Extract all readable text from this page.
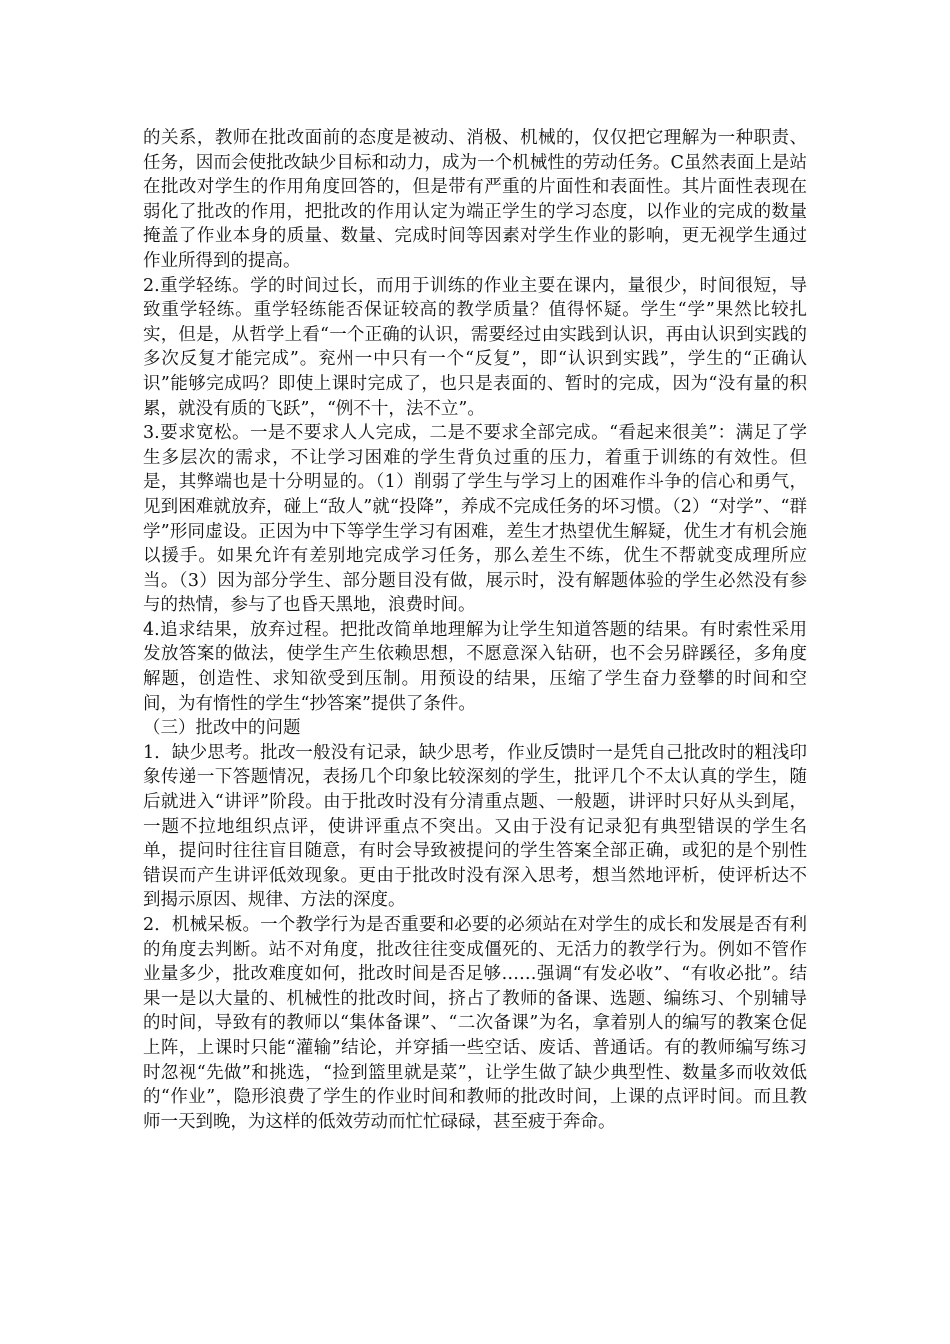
的关系，教师在批改面前的态度是被动、消极、机械的，仅仅把它理解为一种职责、任务，因而会使批改缺少目标和动力，成为一个机械性的劳动任务。C虽然表面上是站在批改对学生的作用角度回答的，但是带有严重的片面性和表面性。其片面性表现在弱化了批改的作用，把批改的作用认定为端正学生的学习态度，以作业的完成的数量掩盖了作业本身的质量、数量、完成时间等因素对学生作业的影响，更无视学生通过作业所得到的提高。

2.重学轻练。学的时间过长，而用于训练的作业主要在课内，量很少，时间很短，导致重学轻练。重学轻练能否保证较高的教学质量？值得怀疑。学生“学”果然比较扎实，但是，从哲学上看“一个正确的认识，需要经过由实践到认识，再由认识到实践的多次反复才能完成”。兖州一中只有一个“反复”，即“认识到实践”，学生的“正确认识”能够完成吗？即使上课时完成了，也只是表面的、暂时的完成，因为“没有量的积累，就没有质的飞跃”，“例不十，法不立”。

3.要求宽松。一是不要求人人完成，二是不要求全部完成。“看起来很美”：满足了学生多层次的需求，不让学习困难的学生背负过重的压力，着重于训练的有效性。但是，其弊端也是十分明显的。（1）削弱了学生与学习上的困难作斗争的信心和勇气，见到困难就放弃，碰上“敌人”就“投降”，养成不完成任务的坏习惯。（2）“对学”、“群学”形同虚设。正因为中下等学生学习有困难，差生才热望优生解疑，优生才有机会施以援手。如果允许有差别地完成学习任务，那么差生不练，优生不帮就变成理所应当。（3）因为部分学生、部分题目没有做，展示时，没有解题体验的学生必然没有参与的热情，参与了也昏天黑地，浪费时间。

4.追求结果，放弃过程。把批改简单地理解为让学生知道答题的结果。有时索性采用发放答案的做法，使学生产生依赖思想，不愿意深入钻研，也不会另辟蹊径，多角度解题，创造性、求知欲受到压制。用预设的结果，压缩了学生奋力登攀的时间和空间，为有惰性的学生“抄答案”提供了条件。

（三）批改中的问题

1．缺少思考。批改一般没有记录，缺少思考，作业反馈时一是凭自己批改时的粗浅印象传递一下答题情况，表扬几个印象比较深刻的学生，批评几个不太认真的学生，随后就进入“讲评”阶段。由于批改时没有分清重点题、一般题，讲评时只好从头到尾，一题不拉地组织点评，使讲评重点不突出。又由于没有记录犯有典型错误的学生名单，提问时往往盲目随意，有时会导致被提问的学生答案全部正确，或犯的是个别性错误而产生讲评低效现象。更由于批改时没有深入思考，想当然地评析，使评析达不到揭示原因、规律、方法的深度。

2．机械呆板。一个教学行为是否重要和必要的必须站在对学生的成长和发展是否有利的角度去判断。站不对角度，批改往往变成僵死的、无活力的教学行为。例如不管作业量多少，批改难度如何，批改时间是否足够……强调“有发必收”、“有收必批”。结果一是以大量的、机械性的批改时间，挤占了教师的备课、选题、编练习、个别辅导的时间，导致有的教师以“集体备课”、“二次备课”为名，拿着别人的编写的教案仓促上阵，上课时只能“灌输”结论，并穿插一些空话、废话、普通话。有的教师编写练习时忽视“先做”和挑选，“捡到篮里就是菜”，让学生做了缺少典型性、数量多而收效低的“作业”，隐形浪费了学生的作业时间和教师的批改时间，上课的点评时间。而且教师一天到晚，为这样的低效劳动而忙忙碌碌，甚至疲于奔命。
